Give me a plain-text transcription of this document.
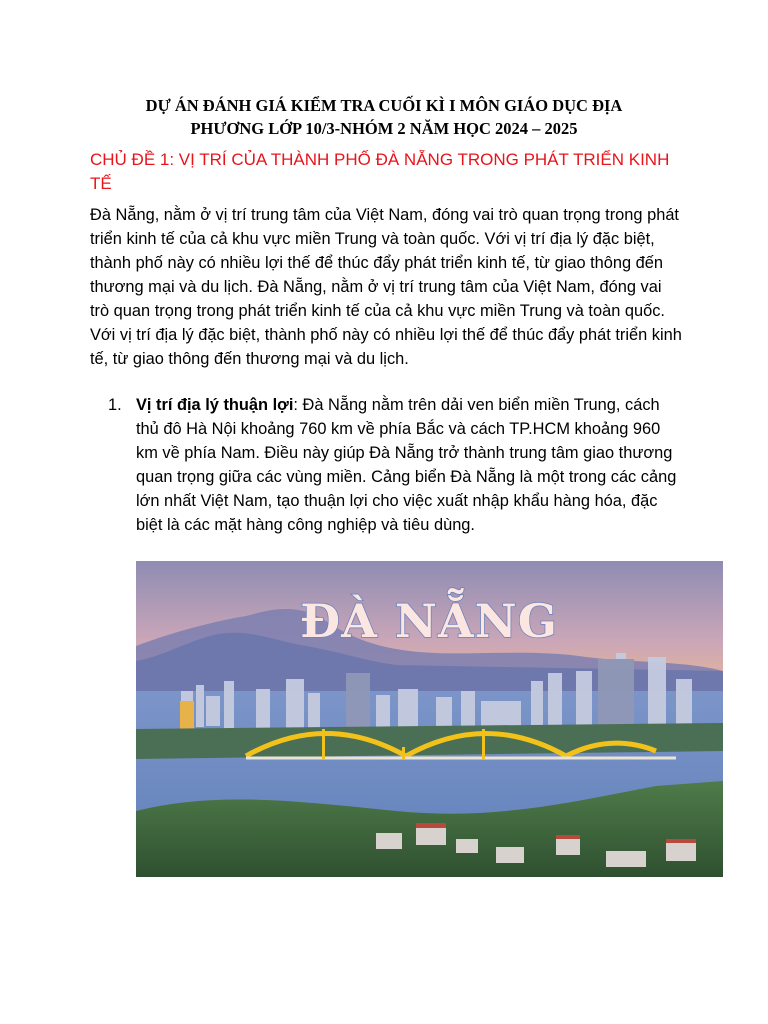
DỰ ÁN ĐÁNH GIÁ KIỂM TRA CUỐI KÌ I MÔN GIÁO DỤC ĐỊA
PHƯƠNG LỚP 10/3-NHÓM 2 NĂM HỌC 2024 – 2025
CHỦ ĐỀ 1: VỊ TRÍ CỦA THÀNH PHỐ ĐÀ NẴNG TRONG PHÁT TRIỂN KINH TẾ

Đà Nẵng, nằm ở vị trí trung tâm của Việt Nam, đóng vai trò quan trọng trong phát triển kinh tế của cả khu vực miền Trung và toàn quốc. Với vị trí địa lý đặc biệt, thành phố này có nhiều lợi thế để thúc đẩy phát triển kinh tế, từ giao thông đến thương mại và du lịch. Đà Nẵng, nằm ở vị trí trung tâm của Việt Nam, đóng vai trò quan trọng trong phát triển kinh tế của cả khu vực miền Trung và toàn quốc. Với vị trí địa lý đặc biệt, thành phố này có nhiều lợi thế để thúc đẩy phát triển kinh tế, từ giao thông đến thương mại và du lịch.

1. Vị trí địa lý thuận lợi: Đà Nẵng nằm trên dải ven biển miền Trung, cách thủ đô Hà Nội khoảng 760 km về phía Bắc và cách TP.HCM khoảng 960 km về phía Nam. Điều này giúp Đà Nẵng trở thành trung tâm giao thương quan trọng giữa các vùng miền. Cảng biển Đà Nẵng là một trong các cảng lớn nhất Việt Nam, tạo thuận lợi cho việc xuất nhập khẩu hàng hóa, đặc biệt là các mặt hàng công nghiệp và tiêu dùng.
ĐÀ NẴNG
